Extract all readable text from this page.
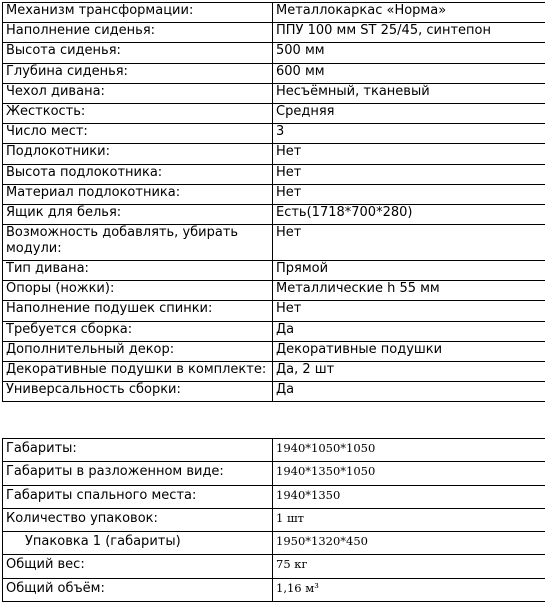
Механизм трансформации:	Металлокаркас «Норма»
Наполнение сиденья:	ППУ 100 мм ST 25/45, синтепон
Высота сиденья:	500 мм
Глубина сиденья:	600 мм
Чехол дивана:	Несъёмный, тканевый
Жесткость:	Средняя
Число мест:	3
Подлокотники:	Нет
Высота подлокотника:	Нет
Материал подлокотника:	Нет
Ящик для белья:	Есть(1718*700*280)
Возможность добавлять, убирать модули:	Нет
Тип дивана:	Прямой
Опоры (ножки):	Металлические h 55 мм
Наполнение подушек спинки:	Нет
Требуется сборка:	Да
Дополнительный декор:	Декоративные подушки
Декоративные подушки в комплекте:	Да, 2 шт
Универсальность сборки:	Да
Габариты:	1940*1050*1050
Габариты в разложенном виде:	1940*1350*1050
Габариты спального места:	1940*1350
Количество упаковок:	1 шт
Упаковка 1 (габариты)	1950*1320*450
Общий вес:	75 кг
Общий объём:	1,16 м³
